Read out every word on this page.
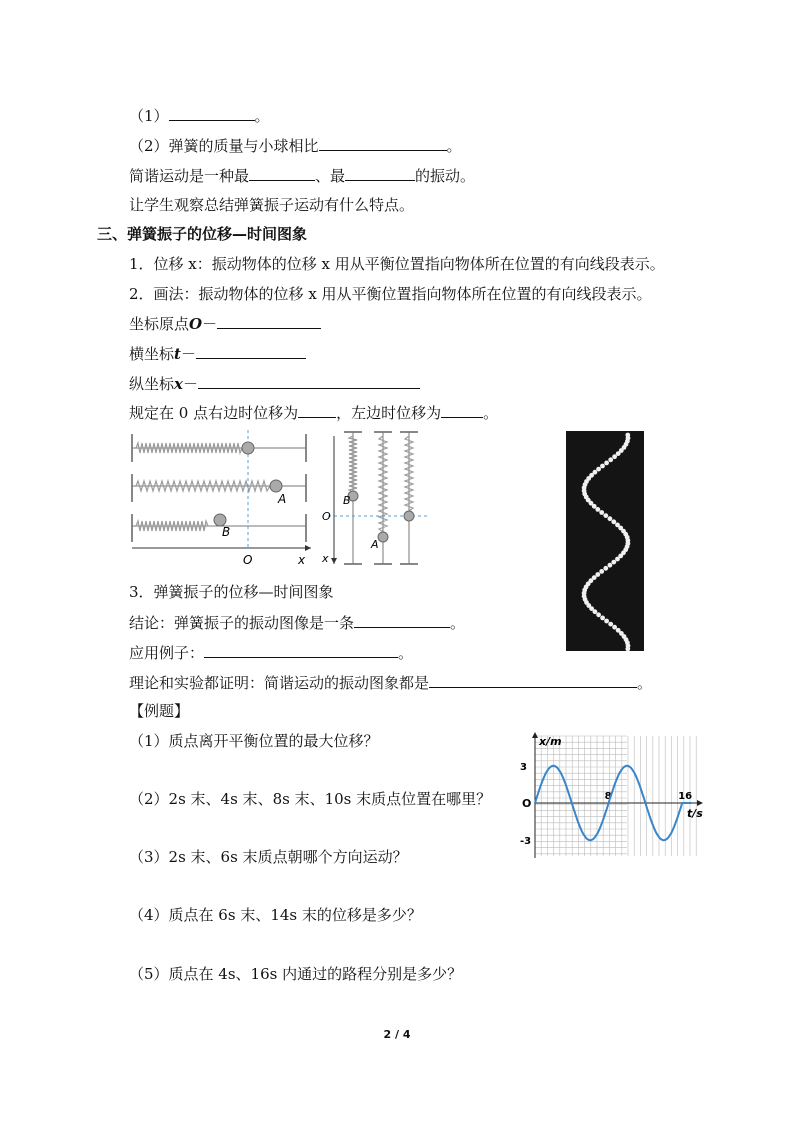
（1）	。
（2）弹簧的质量与小球相比	。
简谐运动是一种最	、最	的振动。
让学生观察总结弹簧振子运动有什么特点。
三、弹簧振子的位移—时间图象
1．位移 x：振动物体的位移 x 用从平衡位置指向物体所在位置的有向线段表示。
2．画法：振动物体的位移 x 用从平衡位置指向物体所在位置的有向线段表示。
坐标原点O－
横坐标t－
纵坐标x－
规定在 0 点右边时位移为	，左边时位移为	。
A
B
O	x
B
A
O
x
3．弹簧振子的位移—时间图象
结论：弹簧振子的振动图像是一条	。
应用例子：	。
理论和实验都证明：简谐运动的振动图象都是	。
【例题】
（1）质点离开平衡位置的最大位移？
（2）2s 末、4s 末、8s 末、10s 末质点位置在哪里？
（3）2s 末、6s 末质点朝哪个方向运动？
（4）质点在 6s 末、14s 末的位移是多少？
（5）质点在 4s、16s 内通过的路程分别是多少？
x/m
t/s
O
8	16
3
-3
2 / 4
